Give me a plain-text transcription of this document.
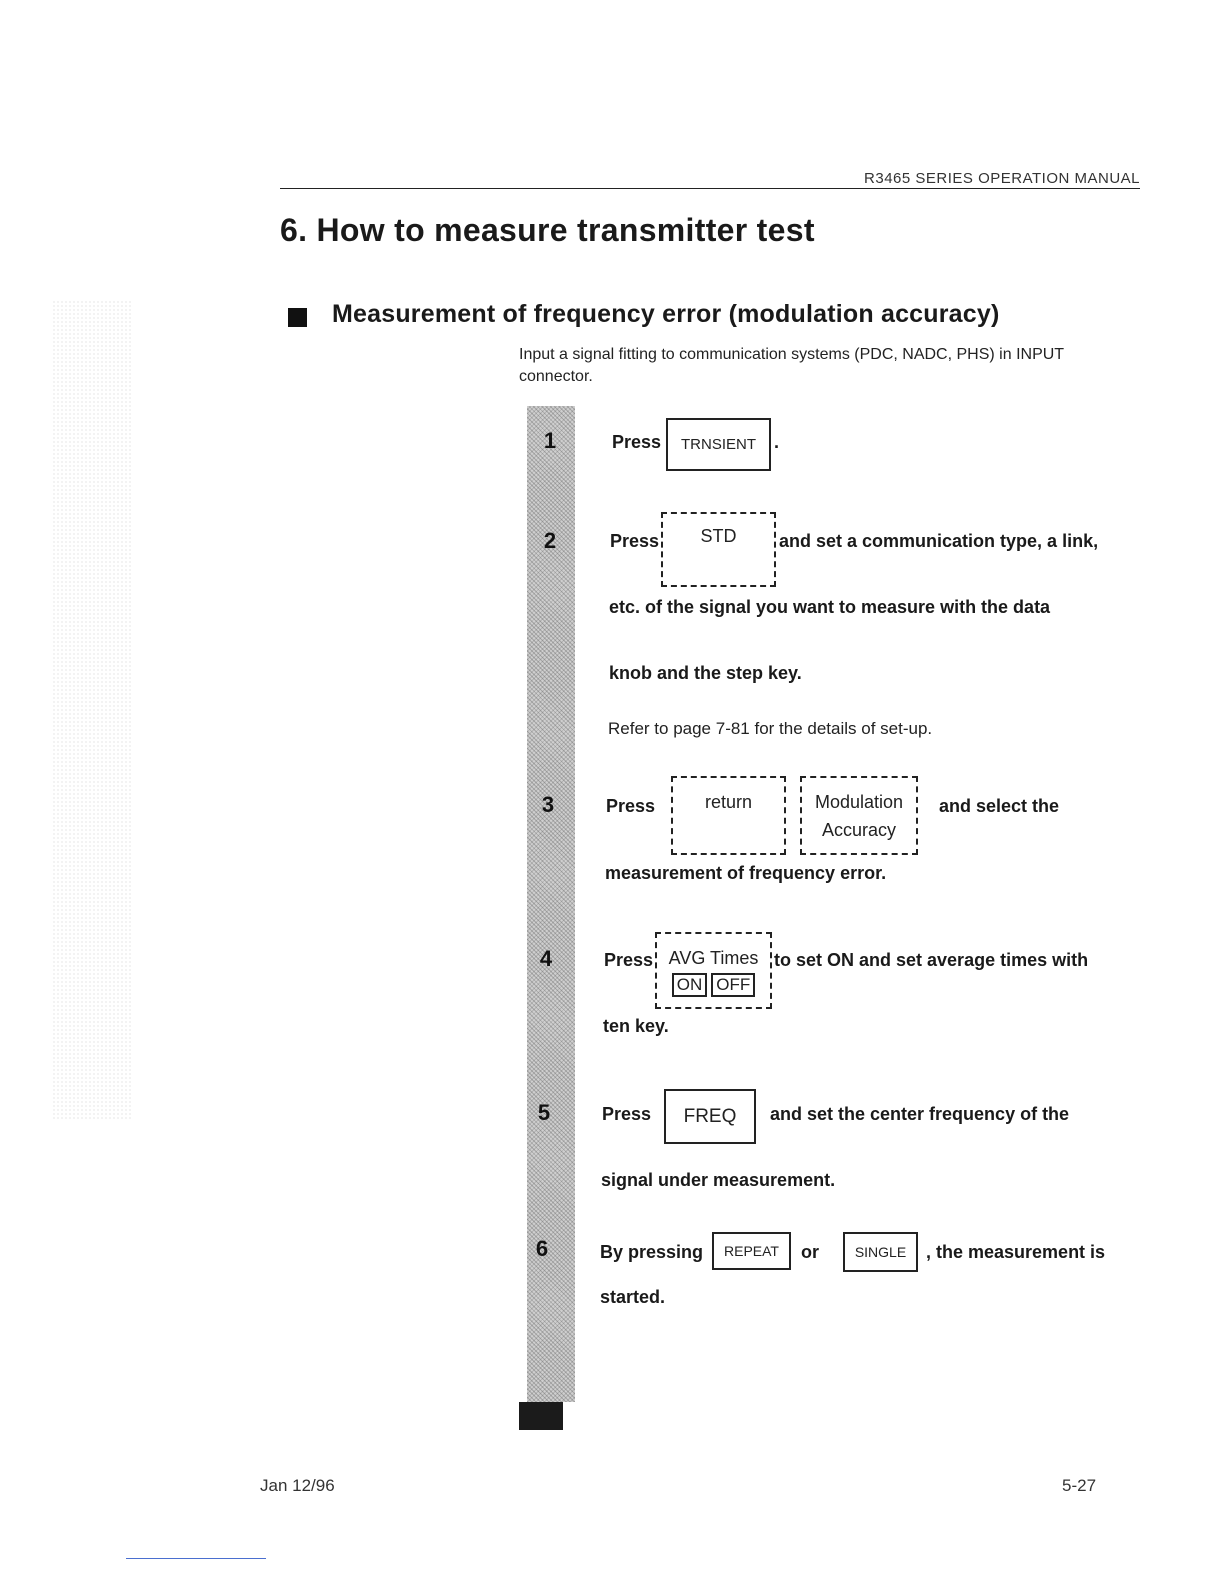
R3465 SERIES OPERATION MANUAL
6. How to measure transmitter test
Measurement of frequency error (modulation accuracy)
Input a signal fitting to communication systems (PDC, NADC, PHS) in INPUT connector.
1
2
3
4
5
6
Press	TRNSIENT	.
Press	STD	and set a communication type, a link,
etc. of the signal you want to measure with the data
knob and the step key.
Refer to page 7-81 for the details of set-up.
Press	return	Modulation
Accuracy
and select the
measurement of frequency error.
Press AVG Times
ON OFF
to set ON and set average times with
ten key.
Press	FREQ	and set the center frequency of the
signal under measurement.
By pressing	REPEAT	or	SINGLE	, the measurement is
started.
Jan 12/96	5-27
